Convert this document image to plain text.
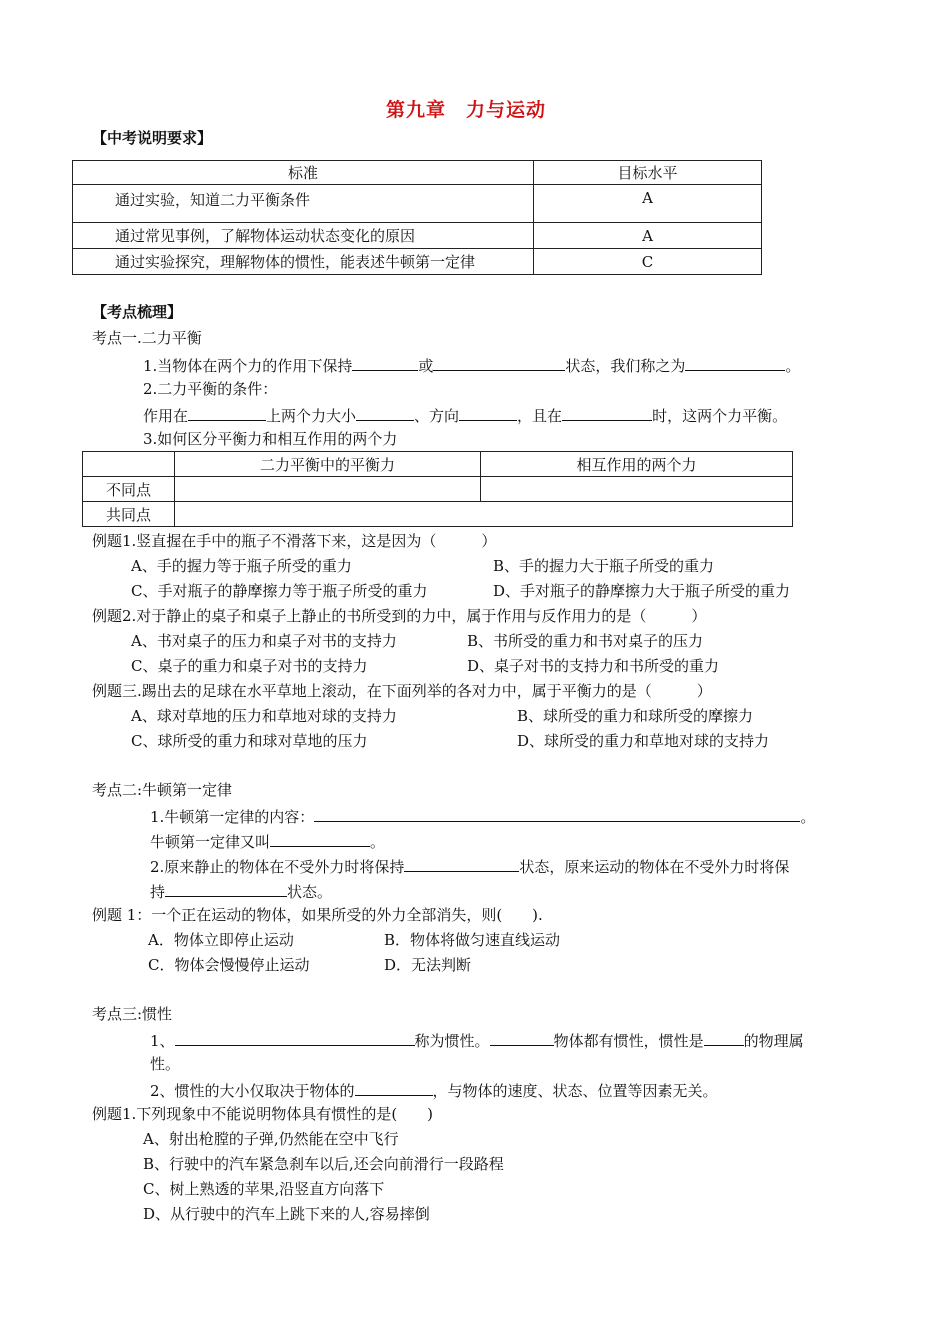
第九章　力与运动
【中考说明要求】
标准	目标水平
通过实验，知道二力平衡条件	A
通过常见事例，了解物体运动状态变化的原因	A
通过实验探究，理解物体的惯性，能表述牛顿第一定律	C
【考点梳理】
考点一.二力平衡
1.当物体在两个力的作用下保持	或	状态，我们称之为	。
2.二力平衡的条件：
作用在	上两个力大小	、方向	，且在	时，这两个力平衡。
3.如何区分平衡力和相互作用的两个力
	二力平衡中的平衡力	相互作用的两个力
不同点		
共同点		
例题1.竖直握在手中的瓶子不滑落下来，这是因为（　　　）
A、手的握力等于瓶子所受的重力	B、手的握力大于瓶子所受的重力
C、手对瓶子的静摩擦力等于瓶子所受的重力	D、手对瓶子的静摩擦力大于瓶子所受的重力
例题2.对于静止的桌子和桌子上静止的书所受到的力中，属于作用与反作用力的是（　　　）
A、书对桌子的压力和桌子对书的支持力	B、书所受的重力和书对桌子的压力
C、桌子的重力和桌子对书的支持力	D、桌子对书的支持力和书所受的重力
例题三.踢出去的足球在水平草地上滚动，在下面列举的各对力中，属于平衡力的是（　　　）
A、球对草地的压力和草地对球的支持力	B、球所受的重力和球所受的摩擦力
C、球所受的重力和球对草地的压力	D、球所受的重力和草地对球的支持力
考点二:牛顿第一定律
1.牛顿第一定律的内容：	。
牛顿第一定律又叫	。
2.原来静止的物体在不受外力时将保持	状态，原来运动的物体在不受外力时将保
持	状态。
例题 1：一个正在运动的物体，如果所受的外力全部消失，则(　　).
A．物体立即停止运动	B．物体将做匀速直线运动
C．物体会慢慢停止运动	D．无法判断
考点三:惯性
1、	称为惯性。	物体都有惯性，惯性是	的物理属
性。
2、惯性的大小仅取决于物体的	，与物体的速度、状态、位置等因素无关。
例题1.下列现象中不能说明物体具有惯性的是(　　)
A、射出枪膛的子弹,仍然能在空中飞行
B、行驶中的汽车紧急刹车以后,还会向前滑行一段路程
C、树上熟透的苹果,沿竖直方向落下
D、从行驶中的汽车上跳下来的人,容易摔倒
